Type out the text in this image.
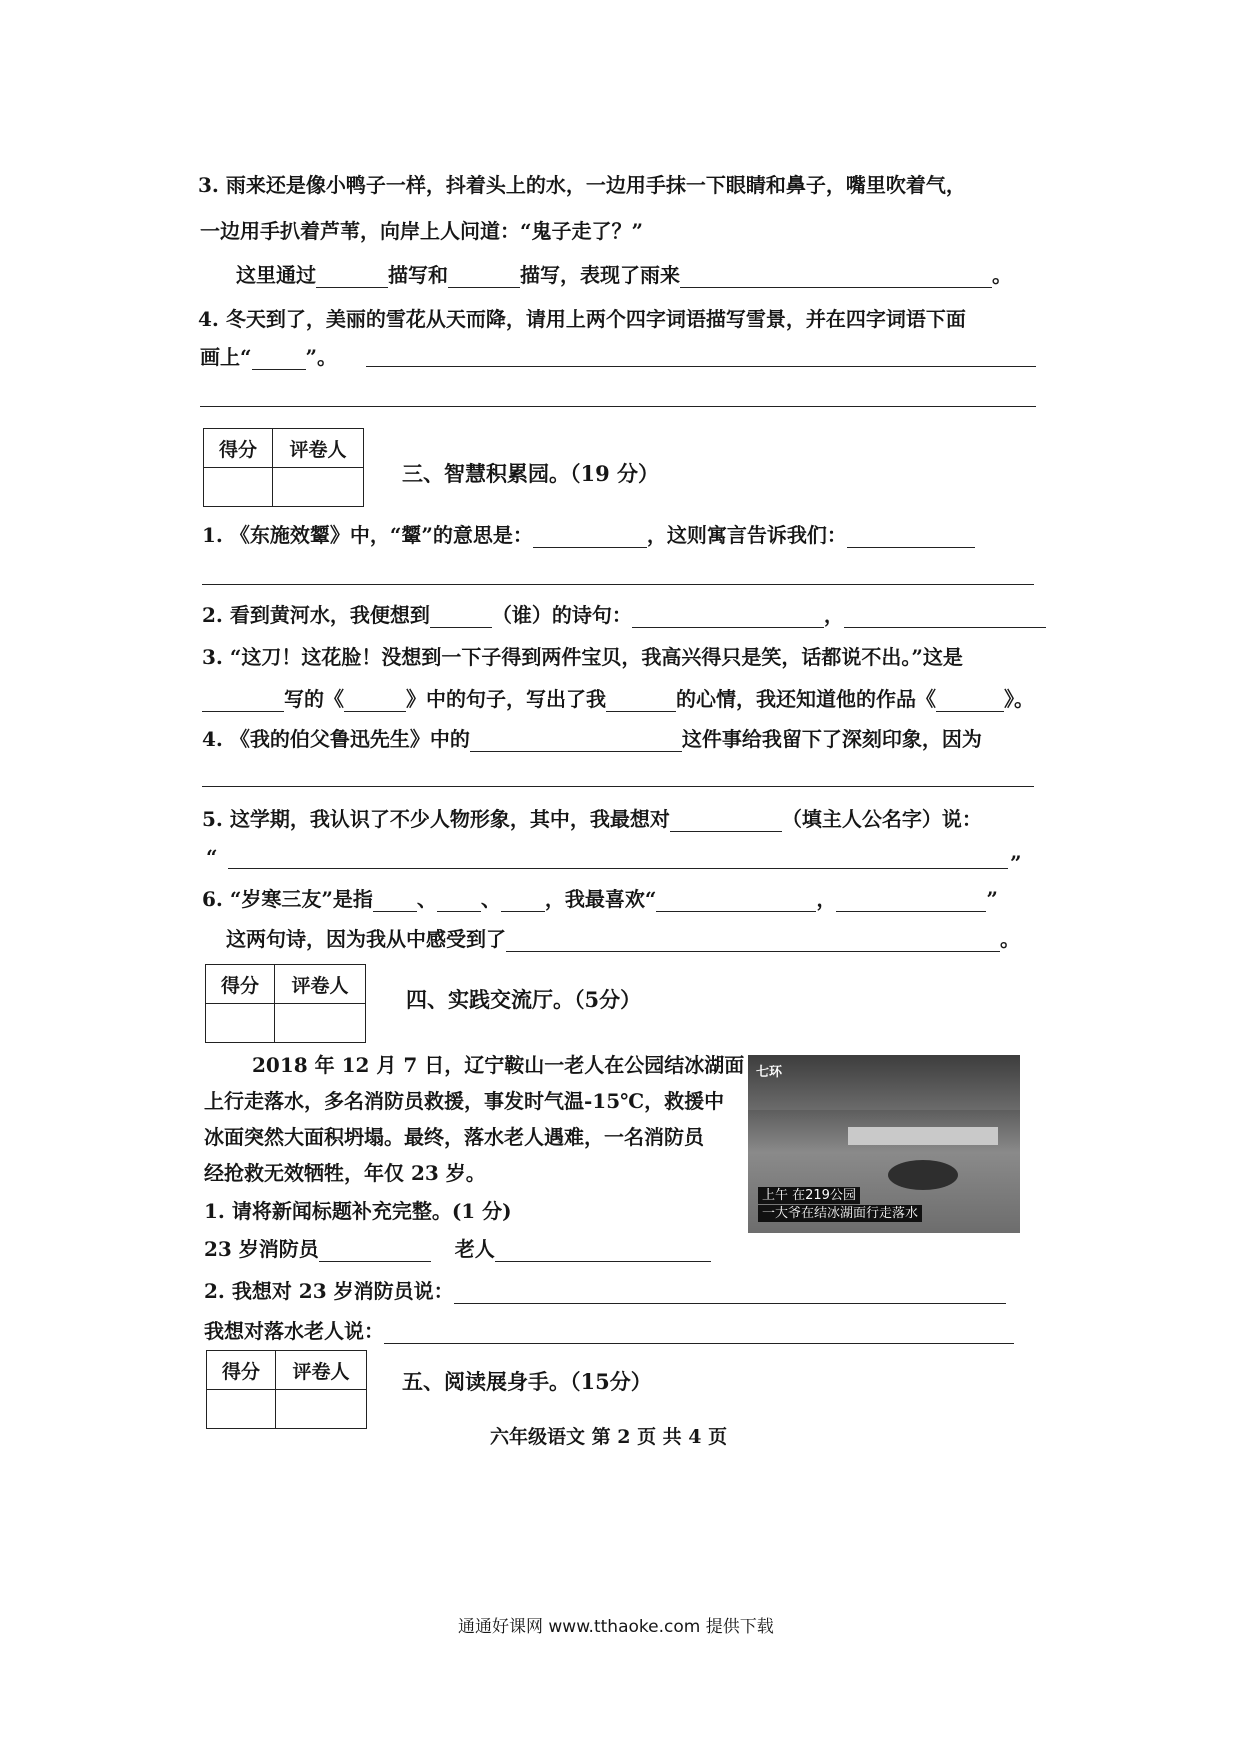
3. 雨来还是像小鸭子一样，抖着头上的水，一边用手抹一下眼睛和鼻子，嘴里吹着气，
一边用手扒着芦苇，向岸上人问道：“鬼子走了？”
这里通过	描写和	描写，表现了雨来	。
4. 冬天到了，美丽的雪花从天而降，请用上两个四字词语描写雪景，并在四字词语下面
画上“	”。
得分	评卷人

三、智慧积累园。（19 分）
1. 《东施效颦》中，“颦”的意思是：	，这则寓言告诉我们：
2. 看到黄河水，我便想到	（谁）的诗句：	，
3. “这刀！这花脸！没想到一下子得到两件宝贝，我高兴得只是笑，话都说不出。”这是
写的《	》中的句子，写出了我	的心情，我还知道他的作品《	》。
4. 《我的伯父鲁迅先生》中的	这件事给我留下了深刻印象，因为
5. 这学期，我认识了不少人物形象，其中，我最想对	（填主人公名字）说：
“	”
6. “岁寒三友”是指 、 、 ，我最喜欢“	，	”
这两句诗，因为我从中感受到了	。
得分	评卷人

四、实践交流厅。（5分）
2018 年 12 月 7 日，辽宁鞍山一老人在公园结冰湖面
上行走落水，多名消防员救援，事发时气温-15℃，救援中
冰面突然大面积坍塌。最终，落水老人遇难，一名消防员
经抢救无效牺牲，年仅 23 岁。
七环
上午 在219公园
一大爷在结冰湖面行走落水
1. 请将新闻标题补充完整。(1 分)
23 岁消防员	老人
2. 我想对 23 岁消防员说：
我想对落水老人说：
得分	评卷人
		五、阅读展身手。（15分）
六年级语文 第 2 页 共 4 页
通通好课网 www.tthaoke.com 提供下载
